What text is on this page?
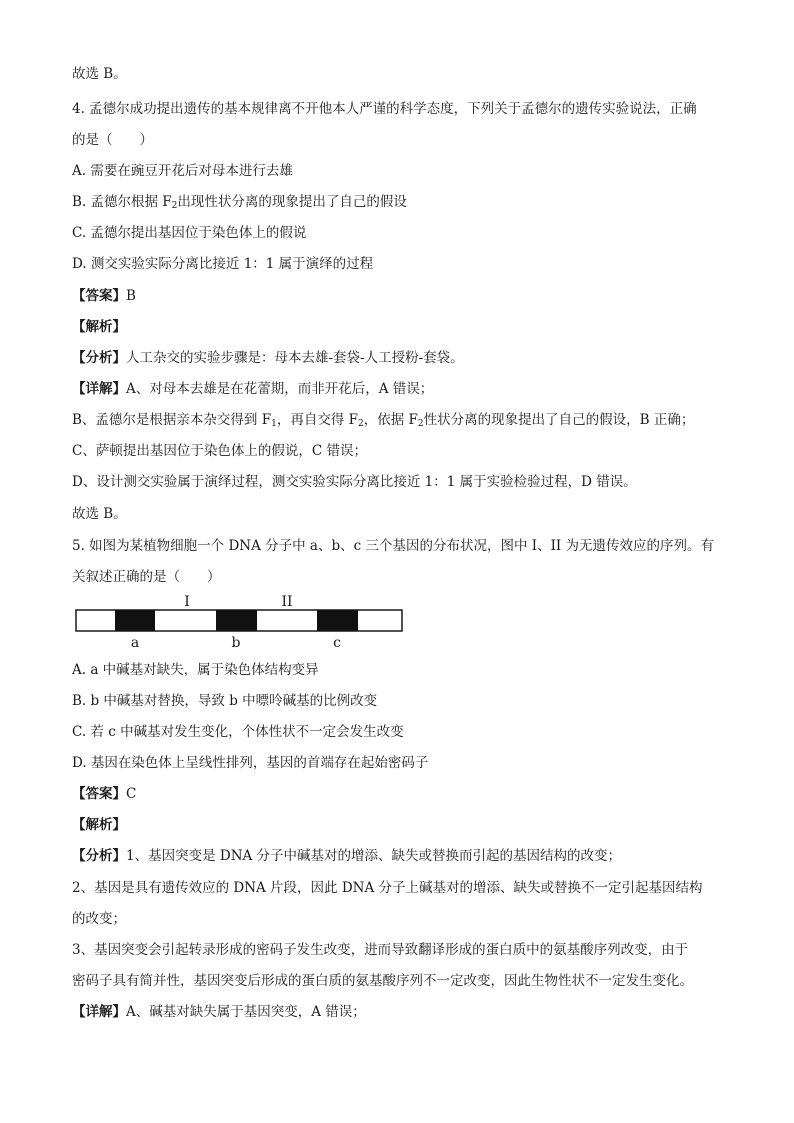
故选 B。
4. 孟德尔成功提出遗传的基本规律离不开他本人严谨的科学态度，下列关于孟德尔的遗传实验说法，正确
的是（　　）
A. 需要在豌豆开花后对母本进行去雄
B. 孟德尔根据 $F_2$出现性状分离的现象提出了自己的假设
C. 孟德尔提出基因位于染色体上的假说
D. 测交实验实际分离比接近 1：1 属于演绎的过程
【答案】B
【解析】
【分析】人工杂交的实验步骤是：母本去雄-套袋-人工授粉-套袋。
【详解】A、对母本去雄是在花蕾期，而非开花后，A 错误；
B、孟德尔是根据亲本杂交得到 $F_1$，再自交得 $F_2$，依据 $F_2$性状分离的现象提出了自己的假设，B 正确；
C、萨顿提出基因位于染色体上的假说，C 错误；
D、设计测交实验属于演绎过程，测交实验实际分离比接近 1：1 属于实验检验过程，D 错误。
故选 B。
5. 如图为某植物细胞一个 DNA 分子中 a、b、c 三个基因的分布状况，图中 I、II 为无遗传效应的序列。有
关叙述正确的是（　　）
I	II
a	b	c
A. a 中碱基对缺失，属于染色体结构变异
B. b 中碱基对替换，导致 b 中嘌呤碱基的比例改变
C. 若 c 中碱基对发生变化，个体性状不一定会发生改变
D. 基因在染色体上呈线性排列，基因的首端存在起始密码子
【答案】C
【解析】
【分析】1、基因突变是 DNA 分子中碱基对的增添、缺失或替换而引起的基因结构的改变；
2、基因是具有遗传效应的 DNA 片段，因此 DNA 分子上碱基对的增添、缺失或替换不一定引起基因结构
的改变；
3、基因突变会引起转录形成的密码子发生改变，进而导致翻译形成的蛋白质中的氨基酸序列改变，由于
密码子具有简并性，基因突变后形成的蛋白质的氨基酸序列不一定改变，因此生物性状不一定发生变化。
【详解】A、碱基对缺失属于基因突变，A 错误；
